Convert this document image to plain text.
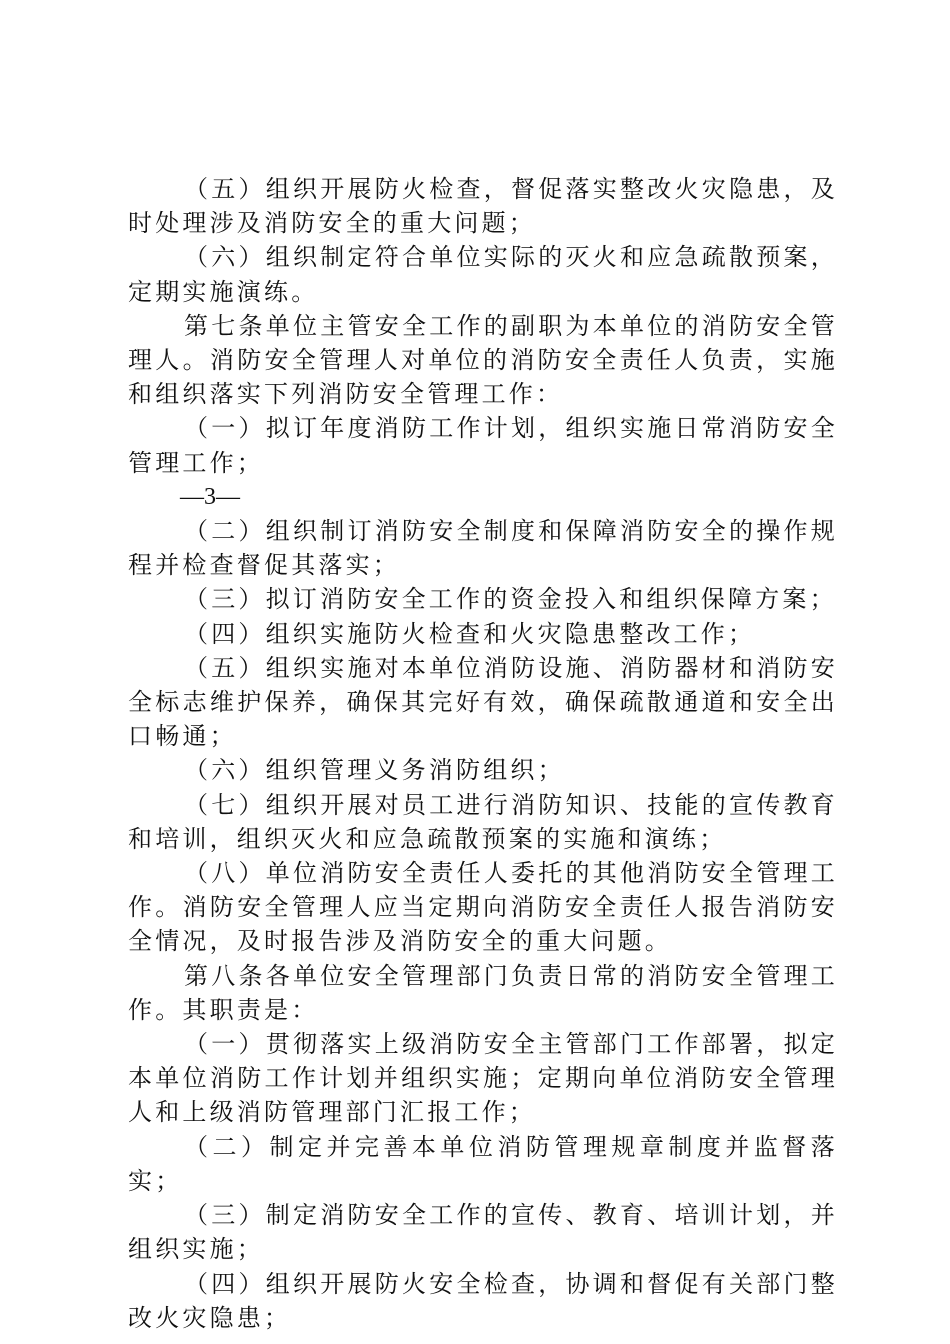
（五）组织开展防火检查，督促落实整改火灾隐患，及时处理涉及消防安全的重大问题；

（六）组织制定符合单位实际的灭火和应急疏散预案，定期实施演练。

第七条单位主管安全工作的副职为本单位的消防安全管理人。消防安全管理人对单位的消防安全责任人负责，实施和组织落实下列消防安全管理工作：

（一）拟订年度消防工作计划，组织实施日常消防安全管理工作；

—3—

（二）组织制订消防安全制度和保障消防安全的操作规程并检查督促其落实；

（三）拟订消防安全工作的资金投入和组织保障方案；

（四）组织实施防火检查和火灾隐患整改工作；

（五）组织实施对本单位消防设施、消防器材和消防安全标志维护保养，确保其完好有效，确保疏散通道和安全出口畅通；

（六）组织管理义务消防组织；

（七）组织开展对员工进行消防知识、技能的宣传教育和培训，组织灭火和应急疏散预案的实施和演练；

（八）单位消防安全责任人委托的其他消防安全管理工作。消防安全管理人应当定期向消防安全责任人报告消防安全情况，及时报告涉及消防安全的重大问题。

第八条各单位安全管理部门负责日常的消防安全管理工作。其职责是：

（一）贯彻落实上级消防安全主管部门工作部署，拟定本单位消防工作计划并组织实施；定期向单位消防安全管理人和上级消防管理部门汇报工作；

（二）制定并完善本单位消防管理规章制度并监督落实；

（三）制定消防安全工作的宣传、教育、培训计划，并组织实施；

（四）组织开展防火安全检查，协调和督促有关部门整改火灾隐患；
